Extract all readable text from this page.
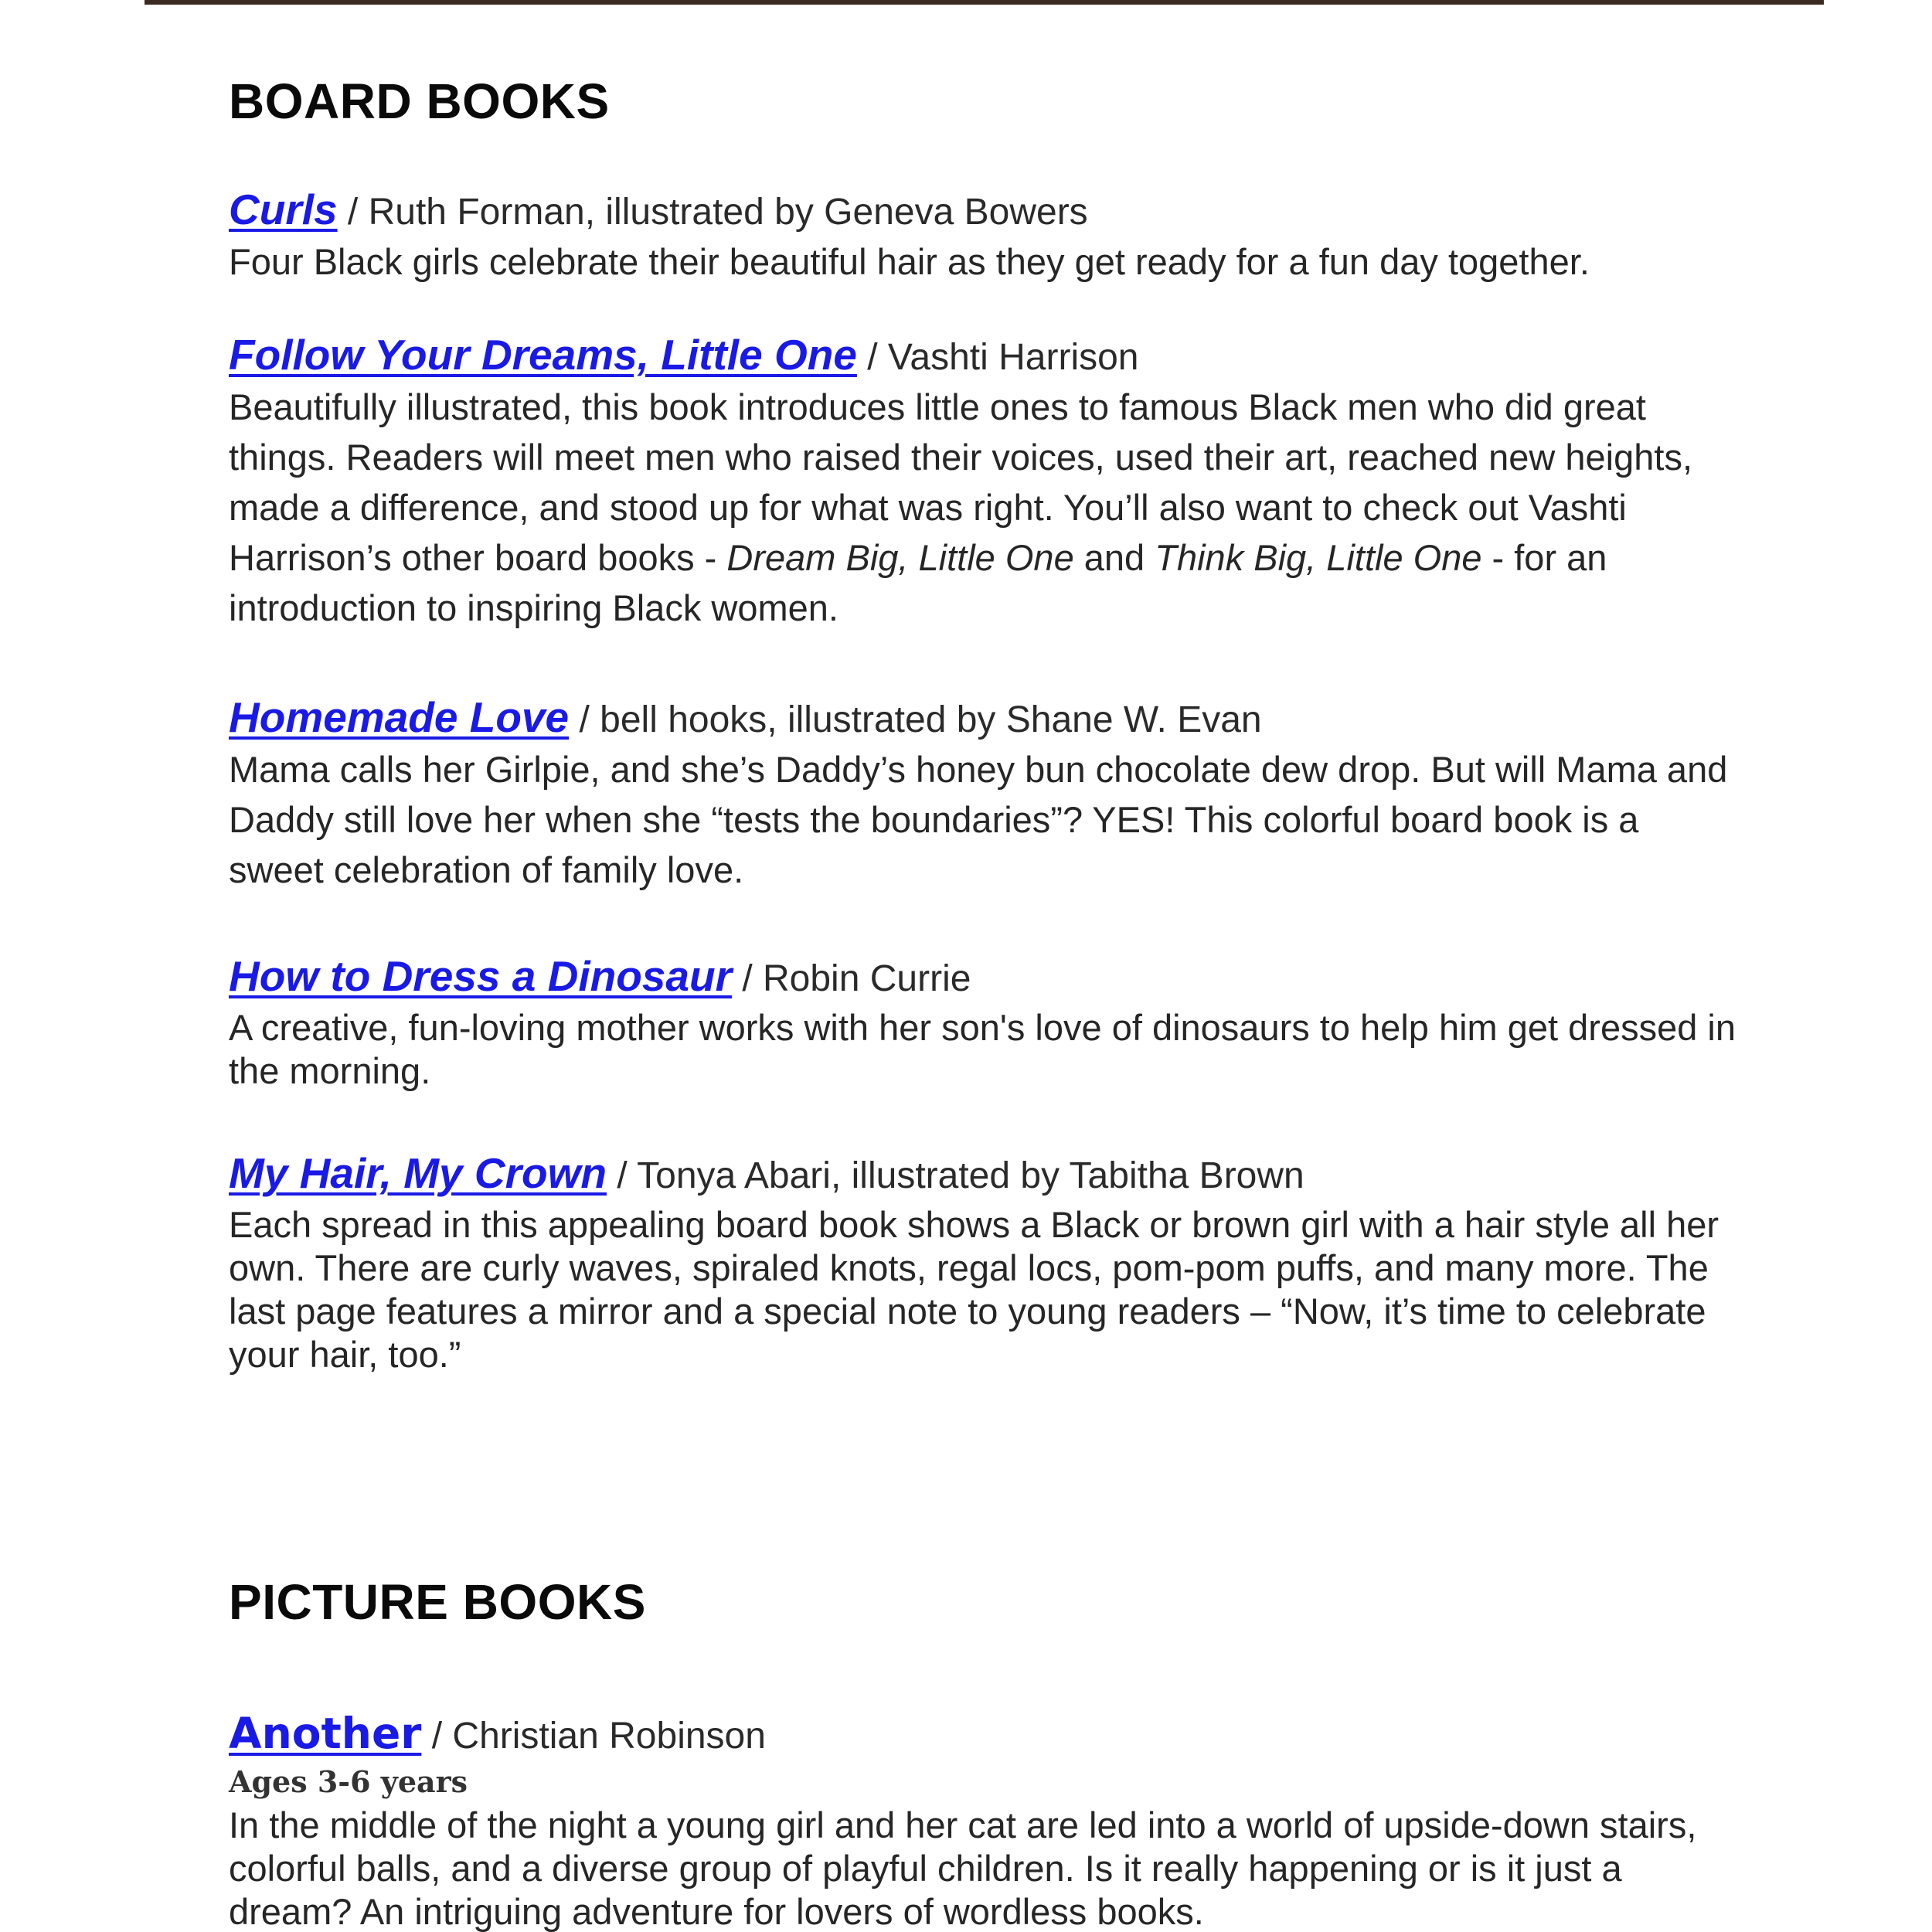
BOARD BOOKS
Curls / Ruth Forman, illustrated by Geneva Bowers

Four Black girls celebrate their beautiful hair as they get ready for a fun day together.

Follow Your Dreams, Little One / Vashti Harrison

Beautifully illustrated, this book introduces little ones to famous Black men who did great things. Readers will meet men who raised their voices, used their art, reached new heights, made a difference, and stood up for what was right. You’ll also want to check out Vashti Harrison’s other board books - Dream Big, Little One and Think Big, Little One - for an introduction to inspiring Black women.

Homemade Love / bell hooks, illustrated by Shane W. Evan

Mama calls her Girlpie, and she’s Daddy’s honey bun chocolate dew drop. But will Mama and Daddy still love her when she “tests the boundaries”? YES! This colorful board book is a sweet celebration of family love.

How to Dress a Dinosaur / Robin Currie

A creative, fun-loving mother works with her son's love of dinosaurs to help him get dressed in the morning.

My Hair, My Crown / Tonya Abari, illustrated by Tabitha Brown

Each spread in this appealing board book shows a Black or brown girl with a hair style all her own. There are curly waves, spiraled knots, regal locs, pom-pom puffs, and many more. The last page features a mirror and a special note to young readers – “Now, it’s time to celebrate your hair, too.”

PICTURE BOOKS
Another / Christian Robinson
Ages 3-6 years

In the middle of the night a young girl and her cat are led into a world of upside-down stairs, colorful balls, and a diverse group of playful children. Is it really happening or is it just a dream? An intriguing adventure for lovers of wordless books.
